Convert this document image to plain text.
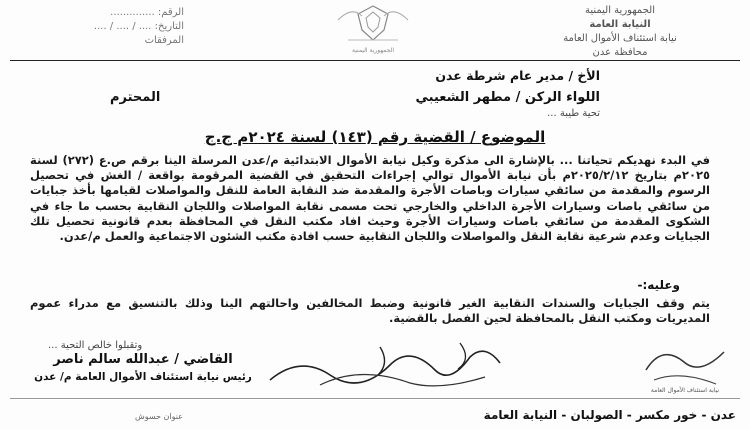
الجمهورية اليمنية
النيابة العامة
نيابة استئناف الأموال العامة
محافظة عدن
الجمهورية اليمنية
الرقم: ..............
التاريخ: .... / .... / ....
المرفقات
الأخ / مدير عام شرطة عدن
اللواء الركن / مطهر الشعيبي
المحترم
تحية طيبة ...
الموضوع / القضية رقم (١٤٣) لسنة ٢٠٢٤م ج.ج
في البدء نهديكم تحياتنا ... بالإشارة الى مذكرة وكيل نيابة الأموال الابتدائية م/عدن المرسلة الينا برقم ص.ع (٢٧٢) لسنة ٢٠٢٥م بتاريخ ٢٠٢٥/٢/١٢م بأن نيابة الأموال توالي إجراءات التحقيق في القضية المرقومة بواقعة / الغش في تحصيل الرسوم والمقدمة من سائقي سيارات وباصات الأجرة والمقدمة ضد النقابة العامة للنقل والمواصلات لقيامها بأخذ جبايات من سائقي باصات وسيارات الأجرة الداخلي والخارجي تحت مسمى نقابة المواصلات واللجان النقابية بحسب ما جاء في الشكوى المقدمة من سائقي باصات وسيارات الأجرة وحيث افاد مكتب النقل في المحافظة بعدم قانونية تحصيل تلك الجبايات وعدم شرعية نقابة النقل والمواصلات واللجان النقابية حسب افادة مكتب الشئون الاجتماعية والعمل م/عدن.
وعليه:-
يتم وقف الجبايات والسندات النقابية الغير قانونية وضبط المخالفين واحالتهم الينا وذلك بالتنسيق مع مدراء عموم المديريات ومكتب النقل بالمحافظة لحين الفصل بالقضية.
وتقبلوا خالص التحية ...
القاضي / عبدالله سالم ناصر
رئيس نيابة استئناف الأموال العامة م/ عدن
نيابة استئناف الأموال العامة
عنوان حسوش	عدن - خور مكسر - الصولبان - النيابة العامة
